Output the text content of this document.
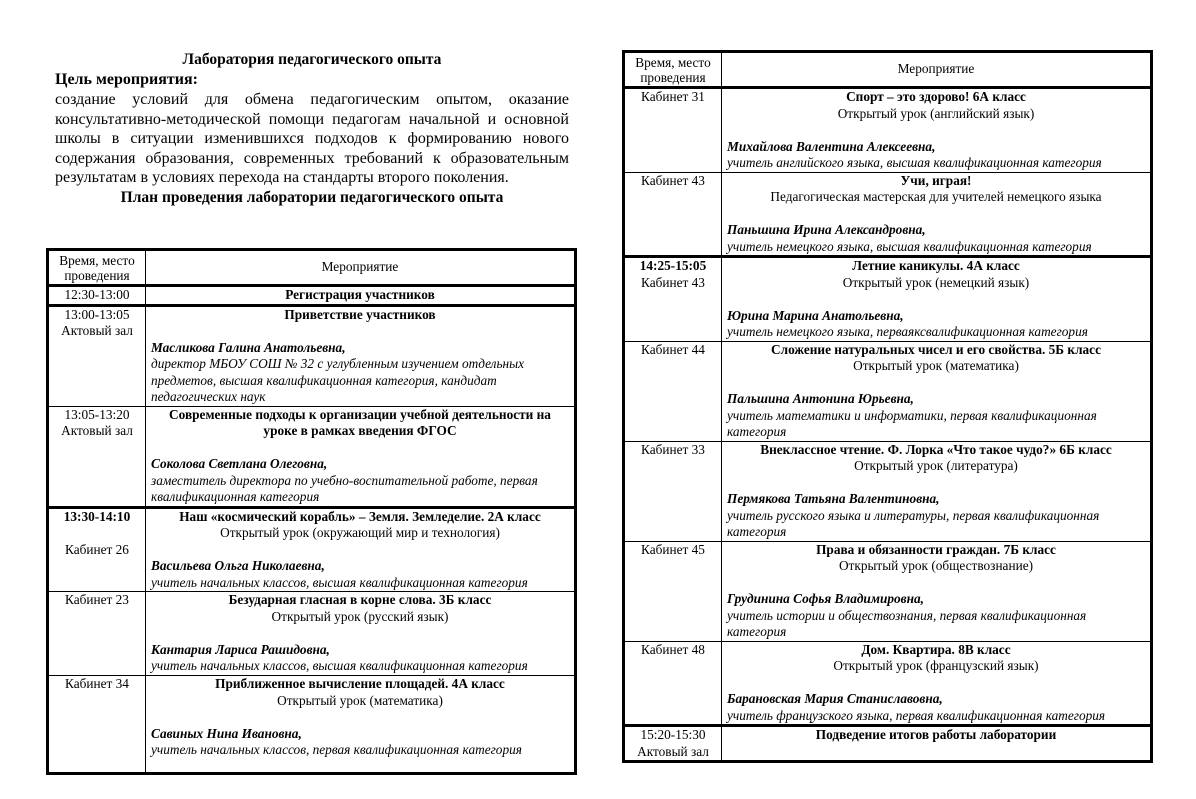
Лаборатория педагогического опыта
Цель мероприятия:
создание условий для обмена педагогическим опытом, оказание консультативно-методической помощи педагогам начальной и основной школы в ситуации изменившихся подходов к формированию нового содержания образования, современных требований к образовательным результатам в условиях перехода на стандарты второго поколения.
План проведения лаборатории педагогического опыта
Время, место проведения	Мероприятие
12:30-13:00	Регистрация участников

13:00-13:05
Актовый зал	Приветствие участников
Масликова Галина Анатольевна,
директор МБОУ СОШ № 32 с углубленным изучением отдельных предметов, высшая квалификационная категория, кандидат педагогических наук

13:05-13:20
Актовый зал	Современные подходы к организации учебной деятельности на уроке в рамках введения ФГОС
Соколова Светлана Олеговна,
заместитель директора по учебно-воспитательной работе, первая квалификационная категория

13:30-14:10
Кабинет 26	Наш «космический корабль» – Земля. Земледелие. 2А класс
Открытый урок (окружающий мир и технология)
Васильева Ольга Николаевна,
учитель начальных классов, высшая квалификационная категория

Кабинет 23	Безударная гласная в корне слова. 3Б класс
Открытый урок (русский язык)
Кантария Лариса Рашидовна,
учитель начальных классов, высшая квалификационная категория

Кабинет 34	Приближенное вычисление площадей. 4А класс
Открытый урок (математика)
Савиных Нина Ивановна,
учитель начальных классов, первая квалификационная категория
Время, место проведения	Мероприятие

Кабинет 31	Спорт – это здорово! 6А класс
Открытый урок (английский язык)
Михайлова Валентина Алексеевна,
учитель английского языка, высшая квалификационная категория

Кабинет 43	Учи, играя!
Педагогическая мастерская для учителей немецкого языка
Паньшина Ирина Александровна,
учитель немецкого языка, высшая квалификационная категория

14:25-15:05
Кабинет 43	Летние каникулы. 4А класс
Открытый урок (немецкий язык)
Юрина Марина Анатольевна,
учитель немецкого языка, перваяксвалификационная категория

Кабинет 44	Сложение натуральных чисел и его свойства. 5Б класс
Открытый урок (математика)
Пальшина Антонина Юрьевна,
учитель математики и информатики, первая квалификационная категория

Кабинет 33	Внеклассное чтение. Ф. Лорка «Что такое чудо?» 6Б класс
Открытый урок (литература)
Пермякова Татьяна Валентиновна,
учитель русского языка и литературы, первая квалификационная категория

Кабинет 45	Права и обязанности граждан. 7Б класс
Открытый урок (обществознание)
Грудинина Софья Владимировна,
учитель истории и обществознания, первая квалификационная категория

Кабинет 48	Дом. Квартира. 8В класс
Открытый урок (французский язык)
Барановская Мария Станиславовна,
учитель французского языка, первая квалификационная категория

15:20-15:30
Актовый зал	Подведение итогов работы лаборатории
